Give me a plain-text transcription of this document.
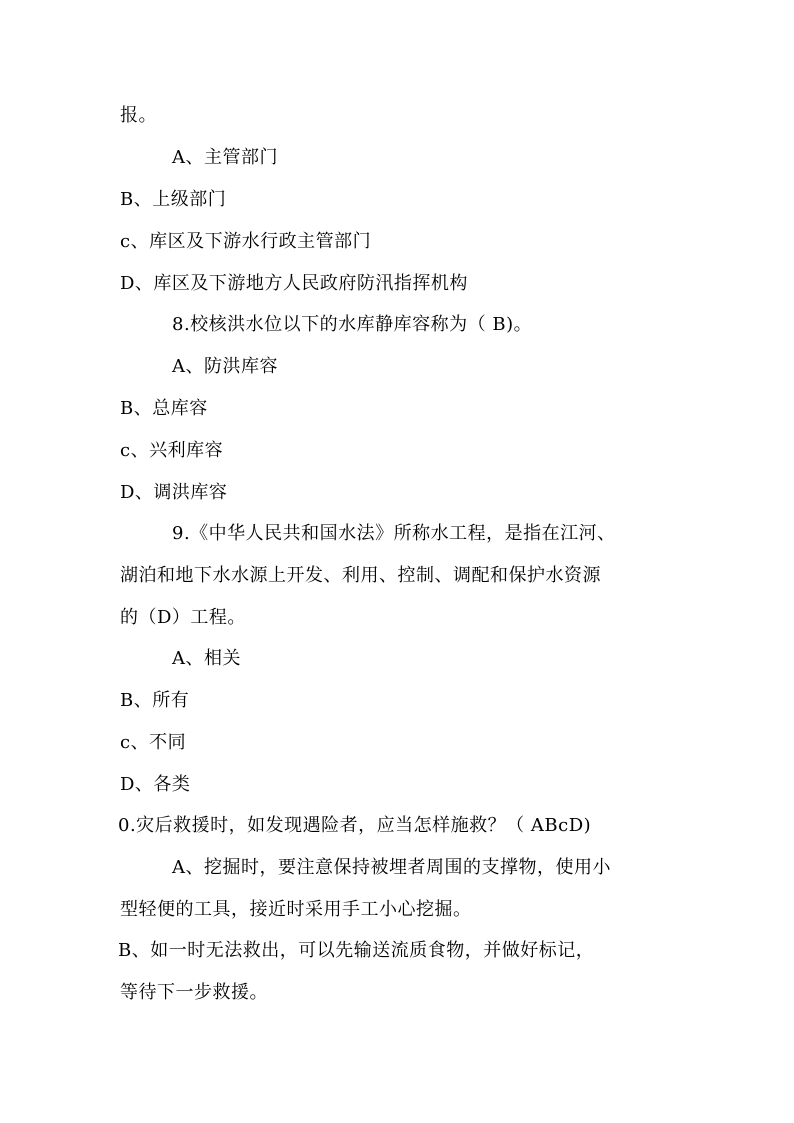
报。
A、主管部门
B、上级部门
c、库区及下游水行政主管部门
D、库区及下游地方人民政府防汛指挥机构
8.校核洪水位以下的水库静库容称为（ B)。
A、防洪库容
B、总库容
c、兴利库容
D、调洪库容
9.《中华人民共和国水法》所称水工程，是指在江河、
湖泊和地下水水源上开发、利用、控制、调配和保护水资源
的（D）工程。
A、相关
B、所有
c、不同
D、各类
0.灾后救援时，如发现遇险者，应当怎样施救？（ ABcD)
A、挖掘时，要注意保持被埋者周围的支撑物，使用小
型轻便的工具，接近时采用手工小心挖掘。
B、如一时无法救出，可以先输送流质食物，并做好标记，
等待下一步救援。
